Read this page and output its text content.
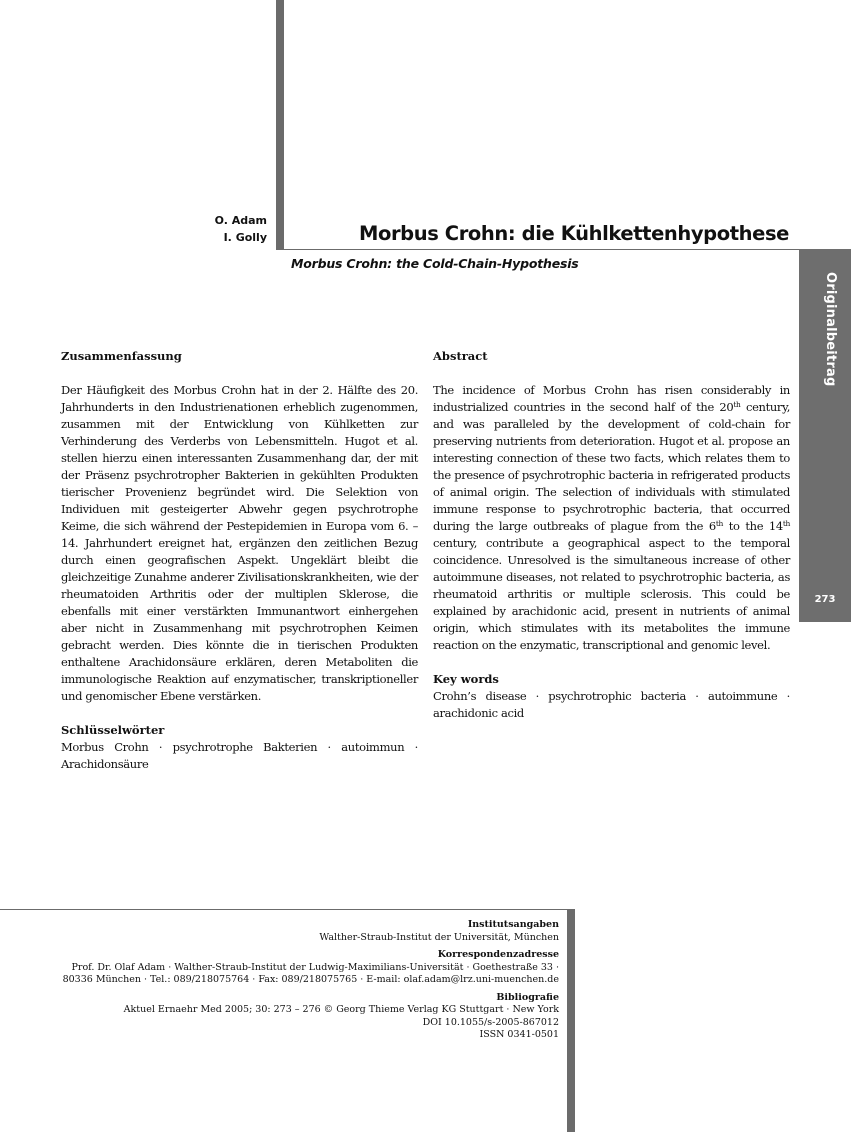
Originalbeitrag
273
O. Adam
I. Golly	Morbus Crohn: die Kühlkettenhypothese
Morbus Crohn: the Cold-Chain-Hypothesis
Zusammenfassung

Der Häufigkeit des Morbus Crohn hat in der 2. Hälfte des 20. Jahrhunderts in den Industrienationen erheblich zugenommen, zusammen mit der Entwicklung von Kühlketten zur Verhinderung des Verderbs von Lebensmitteln. Hugot et al. stellen hierzu einen interessanten Zusammenhang dar, der mit der Präsenz psychrotropher Bakterien in gekühlten Produkten tierischer Provenienz begründet wird. Die Selektion von Individuen mit gesteigerter Abwehr gegen psychrotrophe Keime, die sich während der Pestepidemien in Europa vom 6. – 14. Jahrhundert ereignet hat, ergänzen den zeitlichen Bezug durch einen geografischen Aspekt. Ungeklärt bleibt die gleichzeitige Zunahme anderer Zivilisationskrankheiten, wie der rheumatoiden Arthritis oder der multiplen Sklerose, die ebenfalls mit einer verstärkten Immunantwort einhergehen aber nicht in Zusammenhang mit psychrotrophen Keimen gebracht werden. Dies könnte die in tierischen Produkten enthaltene Arachidonsäure erklären, deren Metaboliten die immunologische Reaktion auf enzymatischer, transkriptioneller und genomischer Ebene verstärken.

Schlüsselwörter

Morbus Crohn · psychrotrophe Bakterien · autoimmun · Arachidonsäure

Abstract

The incidence of Morbus Crohn has risen considerably in industrialized countries in the second half of the 20th century, and was paralleled by the development of cold-chain for preserving nutrients from deterioration. Hugot et al. propose an interesting connection of these two facts, which relates them to the presence of psychrotrophic bacteria in refrigerated products of animal origin. The selection of individuals with stimulated immune response to psychrotrophic bacteria, that occurred during the large outbreaks of plague from the 6th to the 14th century, contribute a geographical aspect to the temporal coincidence. Unresolved is the simultaneous increase of other autoimmune diseases, not related to psychrotrophic bacteria, as rheumatoid arthritis or multiple sclerosis. This could be explained by arachidonic acid, present in nutrients of animal origin, which stimulates with its metabolites the immune reaction on the enzymatic, transcriptional and genomic level.

Key words

Crohn’s disease · psychrotrophic bacteria · autoimmune · arachidonic acid

Institutsangaben
Walther-Straub-Institut der Universität, München
Korrespondenzadresse
Prof. Dr. Olaf Adam · Walther-Straub-Institut der Ludwig-Maximilians-Universität · Goethestraße 33 ·
80336 München · Tel.: 089/218075764 · Fax: 089/218075765 · E-mail: olaf.adam@lrz.uni-muenchen.de
Bibliografie
Aktuel Ernaehr Med 2005; 30: 273 – 276 © Georg Thieme Verlag KG Stuttgart · New York
DOI 10.1055/s-2005-867012
ISSN 0341-0501
